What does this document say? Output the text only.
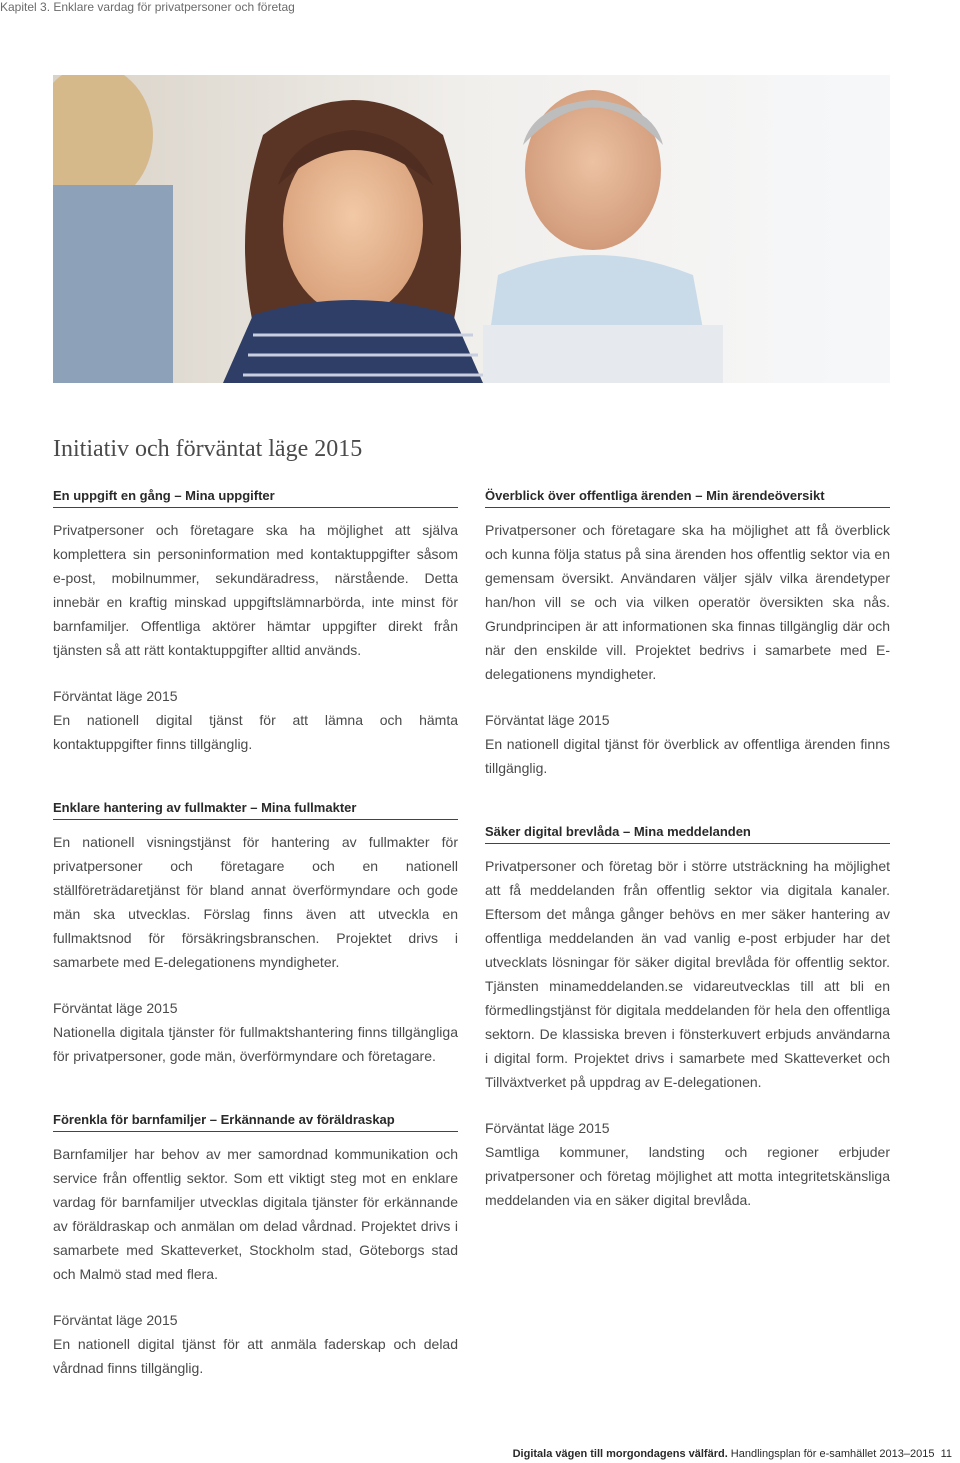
Kapitel 3. Enklare vardag för privatpersoner och företag
Initiativ och förväntat läge 2015
En uppgift en gång – Mina uppgifter

Privatpersoner och företagare ska ha möjlighet att själva komplettera sin personinformation med kontaktuppgifter såsom e-post, mobilnummer, sekundäradress, närstående. Detta innebär en kraftig minskad uppgiftslämnarbörda, inte minst för barnfamiljer. Offentliga aktörer hämtar uppgifter direkt från tjänsten så att rätt kontaktuppgifter alltid används.

Förväntat läge 2015

En nationell digital tjänst för att lämna och hämta kontaktuppgifter finns tillgänglig.

Enklare hantering av fullmakter – Mina fullmakter

En nationell visningstjänst för hantering av fullmakter för privatpersoner och företagare och en nationell ställföreträdaretjänst för bland annat överförmyndare och gode män ska utvecklas. Förslag finns även att utveckla en fullmaktsnod för försäkringsbranschen. Projektet drivs i samarbete med E-delegationens myndigheter.

Förväntat läge 2015

Nationella digitala tjänster för fullmaktshantering finns tillgängliga för privatpersoner, gode män, överförmyndare och företagare.

Förenkla för barnfamiljer – Erkännande av föräldraskap

Barnfamiljer har behov av mer samordnad kommunikation och service från offentlig sektor. Som ett viktigt steg mot en enklare vardag för barnfamiljer utvecklas digitala tjänster för erkännande av föräldraskap och anmälan om delad vårdnad. Projektet drivs i samarbete med Skatteverket, Stockholm stad, Göteborgs stad och Malmö stad med flera.

Förväntat läge 2015

En nationell digital tjänst för att anmäla faderskap och delad vårdnad finns tillgänglig.

Överblick över offentliga ärenden – Min ärendeöversikt

Privatpersoner och företagare ska ha möjlighet att få överblick och kunna följa status på sina ärenden hos offentlig sektor via en gemensam översikt. Användaren väljer själv vilka ärendetyper han/hon vill se och via vilken operatör översikten ska nås. Grundprincipen är att informationen ska finnas tillgänglig där och när den enskilde vill. Projektet bedrivs i samarbete med E-delegationens myndigheter.

Förväntat läge 2015

En nationell digital tjänst för överblick av offentliga ärenden finns tillgänglig.

Säker digital brevlåda – Mina meddelanden

Privatpersoner och företag bör i större utsträckning ha möjlighet att få meddelanden från offentlig sektor via digitala kanaler. Eftersom det många gånger behövs en mer säker hantering av offentliga meddelanden än vad vanlig e-post erbjuder har det utvecklats lösningar för säker digital brevlåda för offentlig sektor. Tjänsten minameddelanden.se vidareutvecklas till att bli en förmedlingstjänst för digitala meddelanden för hela den offentliga sektorn. De klassiska breven i fönsterkuvert erbjuds användarna i digital form. Projektet drivs i samarbete med Skatteverket och Tillväxtverket på uppdrag av E-delegationen.

Förväntat läge 2015

Samtliga kommuner, landsting och regioner erbjuder privatpersoner och företag möjlighet att motta integritetskänsliga meddelanden via en säker digital brevlåda.

Digitala vägen till morgondagens välfärd. Handlingsplan för e-samhället 2013–2015 11
